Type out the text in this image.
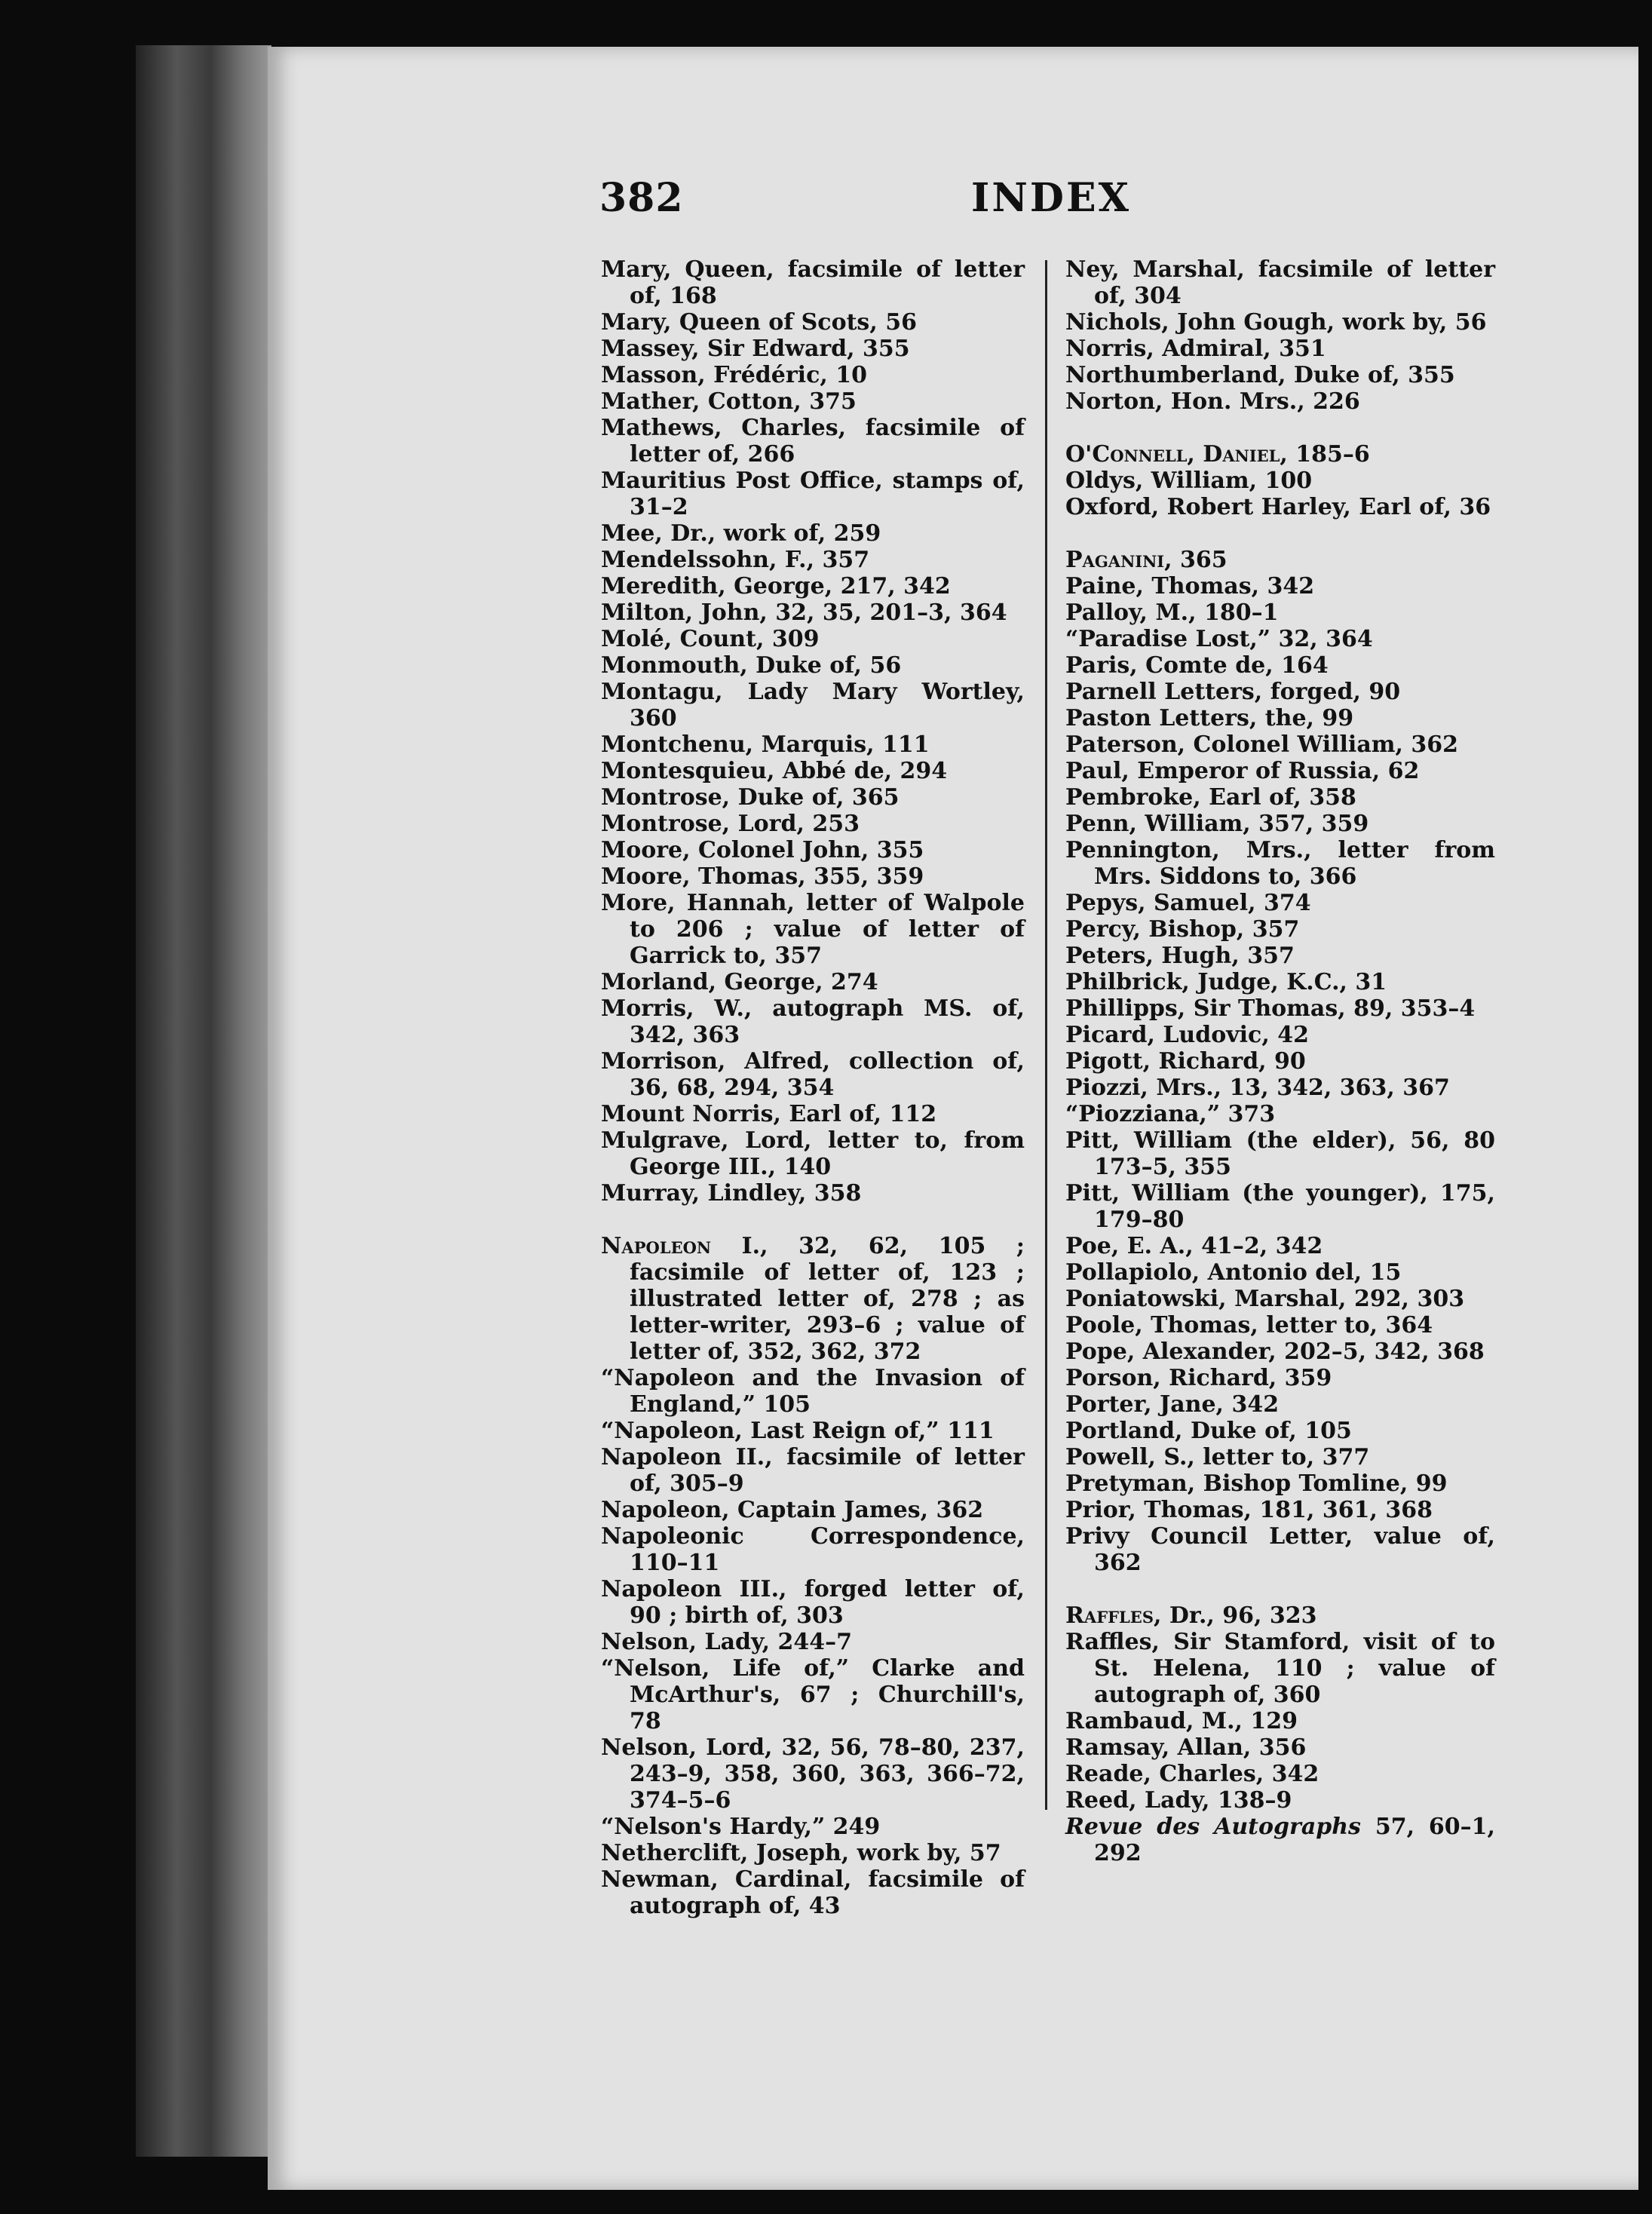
382	INDEX
Mary, Queen, facsimile of letter of, 168
Mary, Queen of Scots, 56
Massey, Sir Edward, 355
Masson, Frédéric, 10
Mather, Cotton, 375
Mathews, Charles, facsimile of letter of, 266
Mauritius Post Office, stamps of, 31–2
Mee, Dr., work of, 259
Mendelssohn, F., 357
Meredith, George, 217, 342
Milton, John, 32, 35, 201–3, 364
Molé, Count, 309
Monmouth, Duke of, 56
Montagu, Lady Mary Wortley, 360
Montchenu, Marquis, 111
Montesquieu, Abbé de, 294
Montrose, Duke of, 365
Montrose, Lord, 253
Moore, Colonel John, 355
Moore, Thomas, 355, 359
More, Hannah, letter of Walpole to 206 ; value of letter of Garrick to, 357
Morland, George, 274
Morris, W., autograph MS. of, 342, 363
Morrison, Alfred, collection of, 36, 68, 294, 354
Mount Norris, Earl of, 112
Mulgrave, Lord, letter to, from George III., 140
Murray, Lindley, 358
Napoleon I., 32, 62, 105 ; facsimile of letter of, 123 ; illustrated letter of, 278 ; as letter-writer, 293–6 ; value of letter of, 352, 362, 372
“Napoleon and the Invasion of England,” 105
“Napoleon, Last Reign of,” 111
Napoleon II., facsimile of letter of, 305–9
Napoleon, Captain James, 362
Napoleonic Correspondence, 110–11
Napoleon III., forged letter of, 90 ; birth of, 303
Nelson, Lady, 244–7
“Nelson, Life of,” Clarke and McArthur's, 67 ; Churchill's, 78
Nelson, Lord, 32, 56, 78–80, 237, 243–9, 358, 360, 363, 366–72, 374–5–6
“Nelson's Hardy,” 249
Netherclift, Joseph, work by, 57
Newman, Cardinal, facsimile of autograph of, 43
Ney, Marshal, facsimile of letter of, 304
Nichols, John Gough, work by, 56
Norris, Admiral, 351
Northumberland, Duke of, 355
Norton, Hon. Mrs., 226
O'Connell, Daniel, 185–6
Oldys, William, 100
Oxford, Robert Harley, Earl of, 36
Paganini, 365
Paine, Thomas, 342
Palloy, M., 180–1
“Paradise Lost,” 32, 364
Paris, Comte de, 164
Parnell Letters, forged, 90
Paston Letters, the, 99
Paterson, Colonel William, 362
Paul, Emperor of Russia, 62
Pembroke, Earl of, 358
Penn, William, 357, 359
Pennington, Mrs., letter from Mrs. Siddons to, 366
Pepys, Samuel, 374
Percy, Bishop, 357
Peters, Hugh, 357
Philbrick, Judge, K.C., 31
Phillipps, Sir Thomas, 89, 353–4
Picard, Ludovic, 42
Pigott, Richard, 90
Piozzi, Mrs., 13, 342, 363, 367
“Piozziana,” 373
Pitt, William (the elder), 56, 80 173–5, 355
Pitt, William (the younger), 175, 179–80
Poe, E. A., 41–2, 342
Pollapiolo, Antonio del, 15
Poniatowski, Marshal, 292, 303
Poole, Thomas, letter to, 364
Pope, Alexander, 202–5, 342, 368
Porson, Richard, 359
Porter, Jane, 342
Portland, Duke of, 105
Powell, S., letter to, 377
Pretyman, Bishop Tomline, 99
Prior, Thomas, 181, 361, 368
Privy Council Letter, value of, 362
Raffles, Dr., 96, 323
Raffles, Sir Stamford, visit of to St. Helena, 110 ; value of autograph of, 360
Rambaud, M., 129
Ramsay, Allan, 356
Reade, Charles, 342
Reed, Lady, 138–9
Revue des Autographs 57, 60–1, 292
